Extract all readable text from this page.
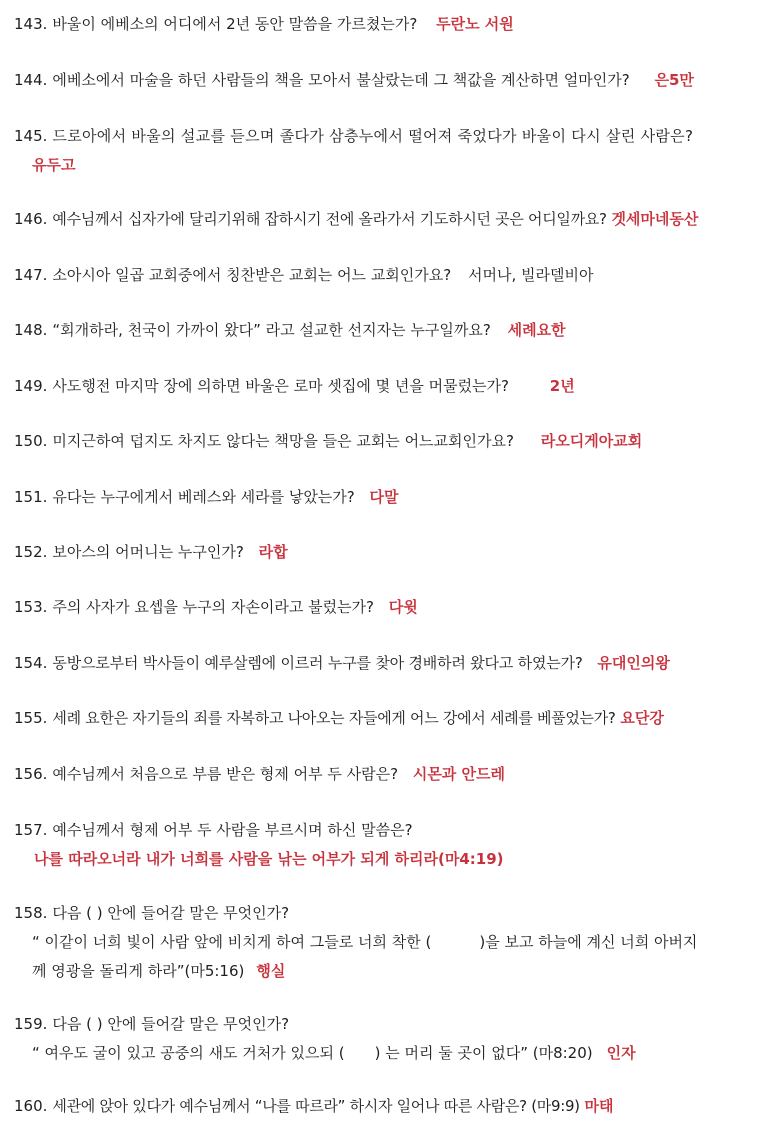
143. 바울이 에베소의 어디에서 2년 동안 말씀을 가르쳤는가? 두란노 서원
144. 에베소에서 마술을 하던 사람들의 책을 모아서 불살랐는데 그 책값을 계산하면 얼마인가? 은5만
145. 드로아에서 바울의 설교를 듣으며 졸다가 삼층누에서 떨어져 죽었다가 바울이 다시 살린 사람은?
유두고
146. 예수님께서 십자가에 달리기위해 잡하시기 전에 올라가서 기도하시던 곳은 어디일까요? 겟세마네동산
147. 소아시아 일곱 교회중에서 칭찬받은 교회는 어느 교회인가요? 서머나, 빌라델비아
148. “회개하라, 천국이 가까이 왔다” 라고 설교한 선지자는 누구일까요? 세례요한
149. 사도행전 마지막 장에 의하면 바울은 로마 셋집에 몇 년을 머물렀는가?	2년
150. 미지근하여 덥지도 차지도 않다는 책망을 들은 교회는 어느교회인가요? 라오디게아교회
151. 유다는 누구에게서 베레스와 세라를 낳았는가? 다말
152. 보아스의 어머니는 누구인가? 라합
153. 주의 사자가 요셉을 누구의 자손이라고 불렀는가? 다윗
154. 동방으로부터 박사들이 예루살렘에 이르러 누구를 찾아 경배하려 왔다고 하였는가? 유대인의왕
155. 세례 요한은 자기들의 죄를 자복하고 나아오는 자들에게 어느 강에서 세례를 베풀었는가? 요단강
156. 예수님께서 처음으로 부름 받은 형제 어부 두 사람은? 시몬과 안드레
157. 예수님께서 형제 어부 두 사람을 부르시며 하신 말씀은?
나를 따라오너라 내가 너희를 사람을 낚는 어부가 되게 하리라(마4:19)
158. 다음 ( ) 안에 들어갈 말은 무엇인가?
“ 이같이 너희 빛이 사람 앞에 비치게 하여 그들로 너희 착한 (	)을 보고 하늘에 계신 너희 아버지
께 영광을 돌리게 하라”(마5:16) 행실
159. 다음 ( ) 안에 들어갈 말은 무엇인가?
“ 여우도 굴이 있고 공중의 새도 거처가 있으되 ( ) 는 머리 둘 곳이 없다” (마8:20) 인자
160. 세관에 앉아 있다가 예수님께서 “나를 따르라” 하시자 일어나 따른 사람은? (마9:9) 마태
